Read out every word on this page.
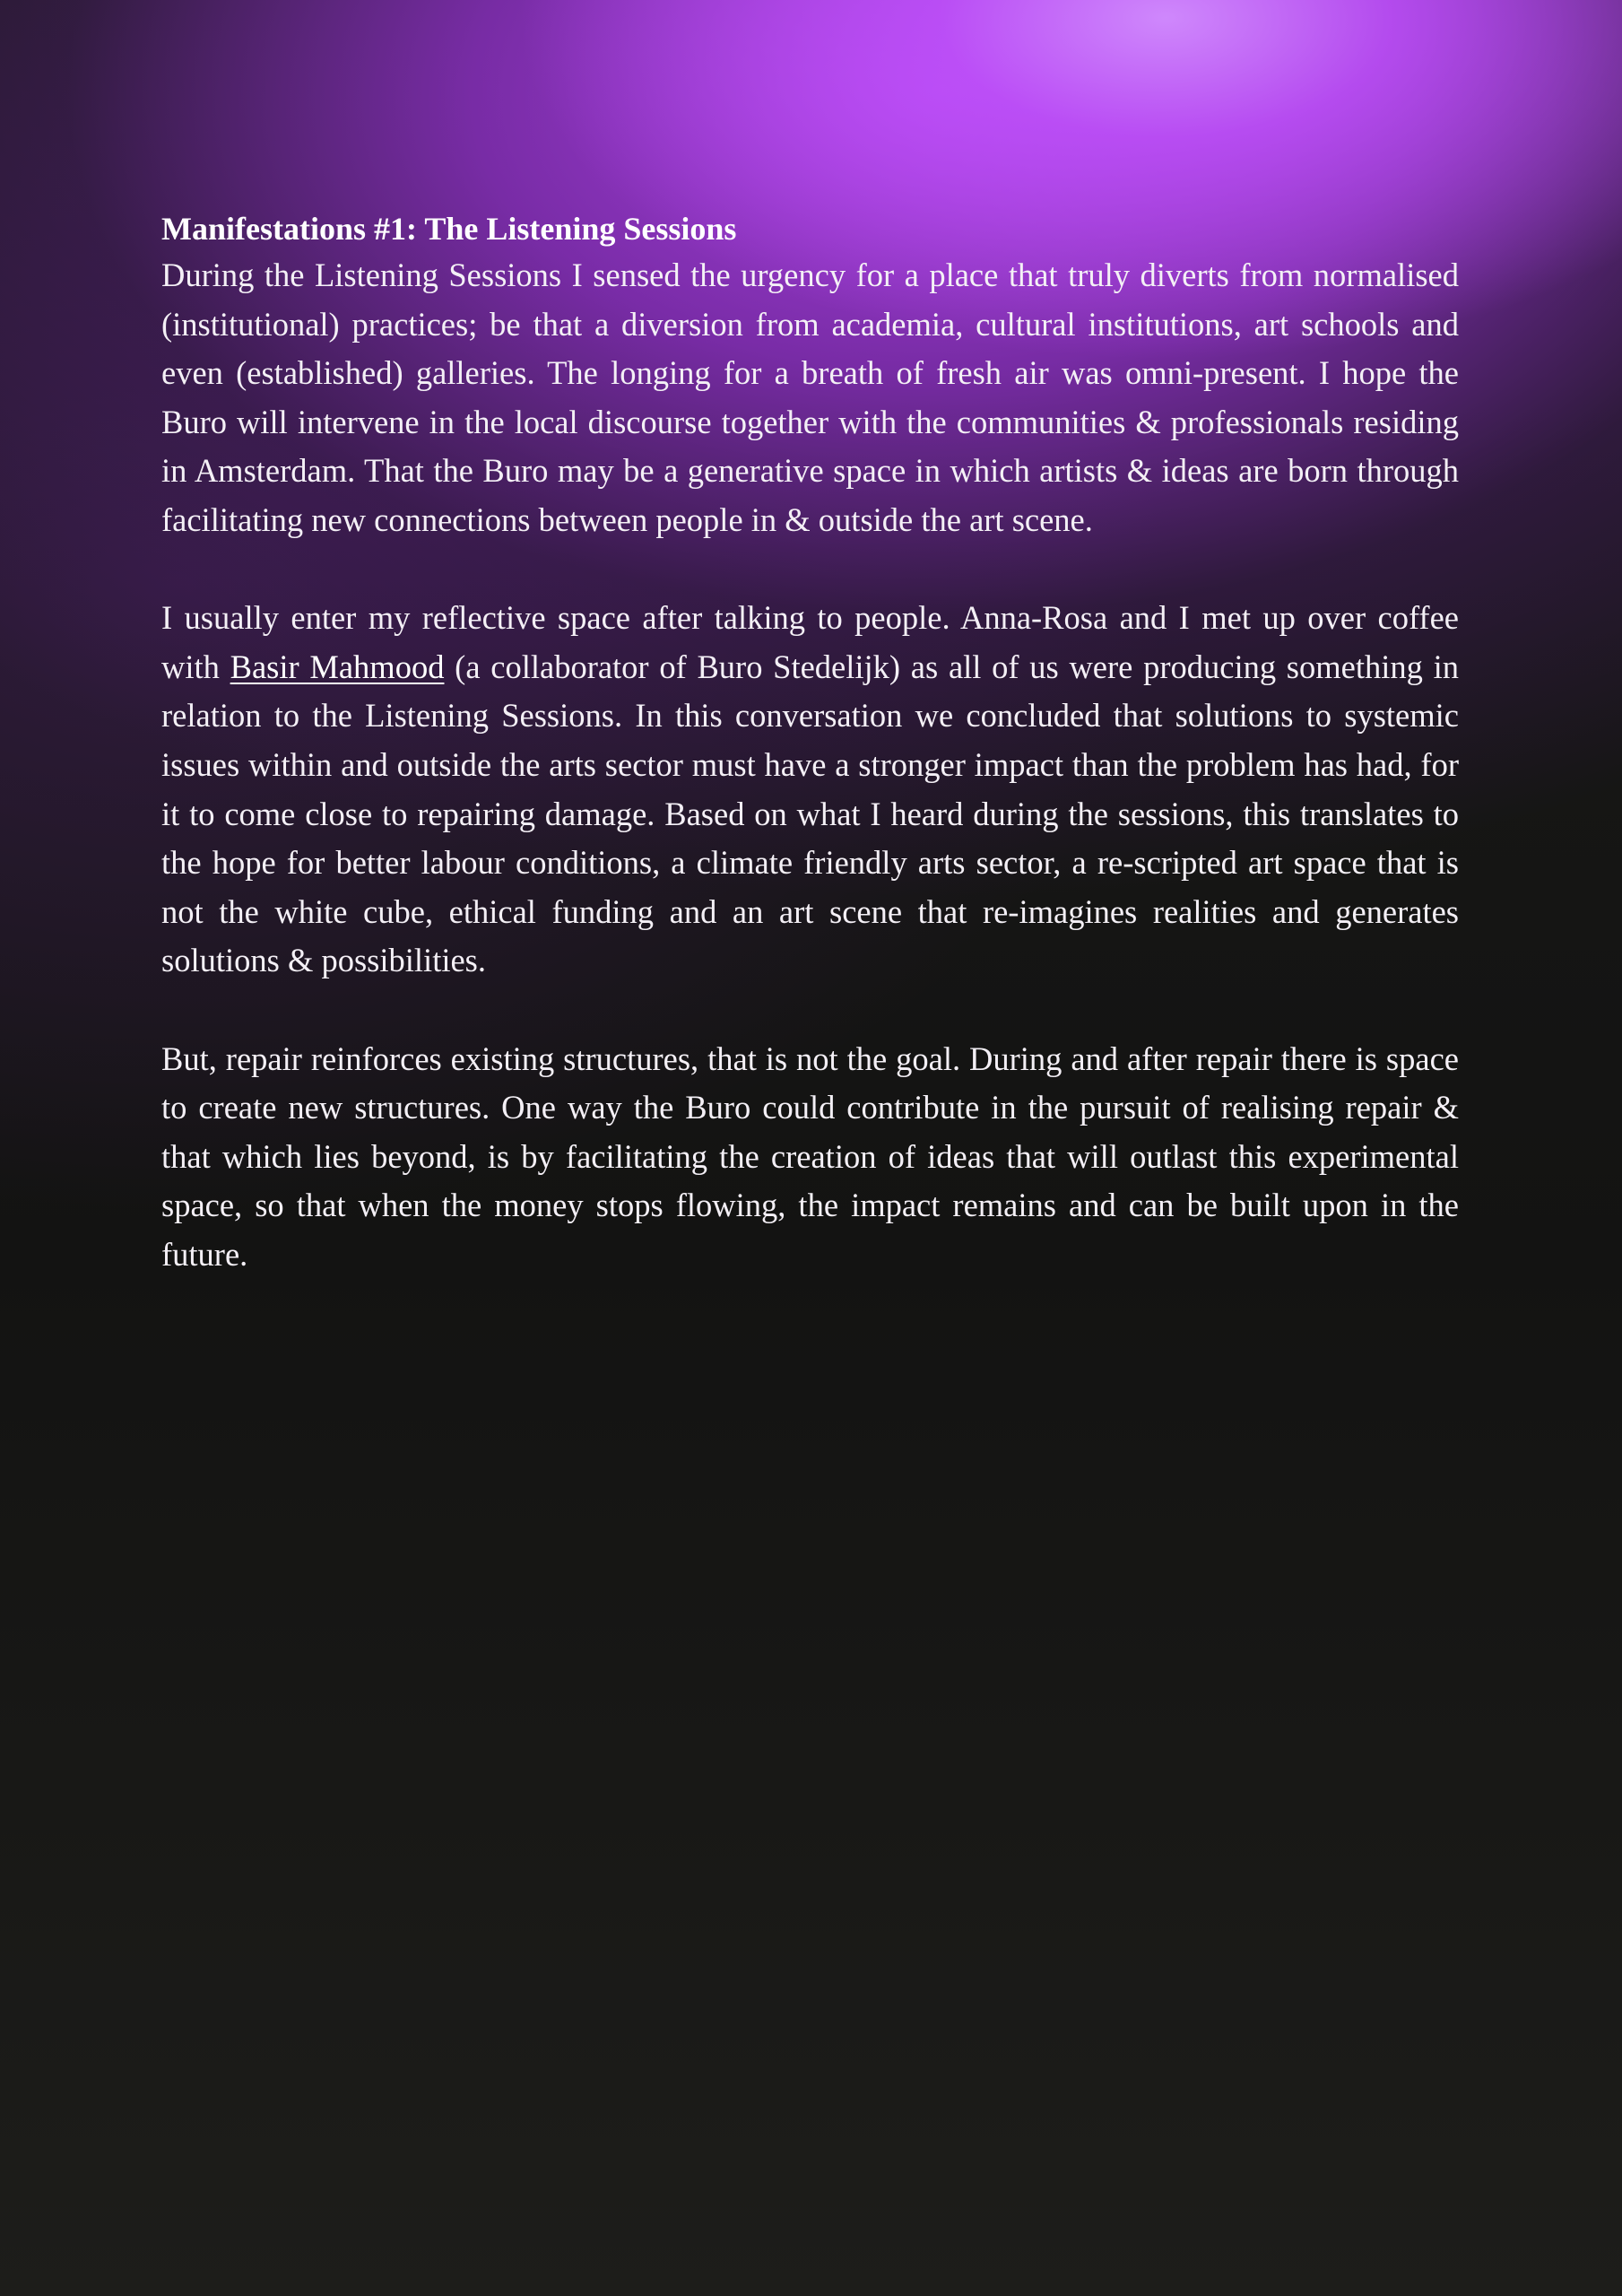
Manifestations #1: The Listening Sessions

During the Listening Sessions I sensed the urgency for a place that truly diverts from normalised (institutional) practices; be that a diversion from academia, cultural institutions, art schools and even (established) galleries. The longing for a breath of fresh air was omni-present. I hope the Buro will intervene in the local discourse together with the communities & professionals residing in Amsterdam. That the Buro may be a generative space in which artists & ideas are born through facilitating new connections between people in & outside the art scene.

I usually enter my reflective space after talking to people. Anna-Rosa and I met up over coffee with Basir Mahmood (a collaborator of Buro Stedelijk) as all of us were producing something in relation to the Listening Sessions. In this conversation we concluded that solutions to systemic issues within and outside the arts sector must have a stronger impact than the problem has had, for it to come close to repairing damage. Based on what I heard during the sessions, this translates to the hope for better labour conditions, a climate friendly arts sector, a re-scripted art space that is not the white cube, ethical funding and an art scene that re-imagines realities and generates solutions & possibilities.

But, repair reinforces existing structures, that is not the goal. During and after repair there is space to create new structures. One way the Buro could contribute in the pursuit of realising repair & that which lies beyond, is by facilitating the creation of ideas that will outlast this experimental space, so that when the money stops flowing, the impact remains and can be built upon in the future.
